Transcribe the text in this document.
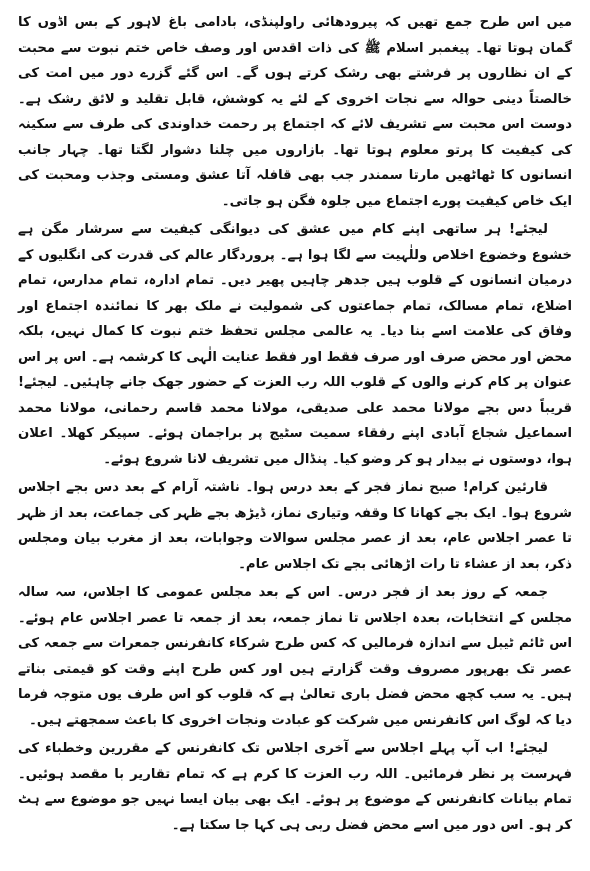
میں اس طرح جمع تھیں کہ پیرودھائی راولپنڈی، بادامی باغ لاہور کے بس اڈوں کا گمان ہوتا تھا۔ پیغمبر اسلام ﷺ کی ذات اقدس اور وصف خاص ختم نبوت سے محبت کے ان نظاروں پر فرشتے بھی رشک کرتے ہوں گے۔ اس گئے گزرے دور میں امت کی خالصتاً دینی حوالہ سے نجات اخروی کے لئے یہ کوشش، قابل تقلید و لائق رشک ہے۔ دوست اس محبت سے تشریف لائے کہ اجتماع پر رحمت خداوندی کی طرف سے سکینہ کی کیفیت کا پرتو معلوم ہوتا تھا۔ بازاروں میں چلنا دشوار لگتا تھا۔ چہار جانب انسانوں کا ٹھاٹھیں مارتا سمندر جب بھی قافلہ آتا عشق ومستی وجذب ومحبت کی ایک خاص کیفیت پورے اجتماع میں جلوہ فگن ہو جاتی۔

لیجئے! ہر ساتھی اپنے کام میں عشق کی دیوانگی کیفیت سے سرشار مگن ہے خشوع وخضوع اخلاص وللٰہیت سے لگا ہوا ہے۔ پروردگار عالم کی قدرت کی انگلیوں کے درمیان انسانوں کے قلوب ہیں جدھر چاہیں پھیر دیں۔ تمام ادارہ، تمام مدارس، تمام اضلاع، تمام مسالک، تمام جماعتوں کی شمولیت نے ملک بھر کا نمائندہ اجتماع اور وفاق کی علامت اسے بنا دیا۔ یہ عالمی مجلس تحفظ ختم نبوت کا کمال نہیں، بلکہ محض اور محض صرف اور صرف فقط اور فقط عنایت الٰہی کا کرشمہ ہے۔ اس پر اس عنوان پر کام کرنے والوں کے قلوب اللہ رب العزت کے حضور جھک جانے چاہئیں۔ لیجئے! قریباً دس بجے مولانا محمد علی صدیقی، مولانا محمد قاسم رحمانی، مولانا محمد اسماعیل شجاع آبادی اپنے رفقاء سمیت سٹیج پر براجمان ہوئے۔ سپیکر کھلا۔ اعلان ہوا، دوستوں نے بیدار ہو کر وضو کیا۔ پنڈال میں تشریف لانا شروع ہوئے۔

قارئین کرام! صبح نماز فجر کے بعد درس ہوا۔ ناشتہ آرام کے بعد دس بجے اجلاس شروع ہوا۔ ایک بجے کھانا کا وقفہ وتیاری نماز، ڈیڑھ بجے ظہر کی جماعت، بعد از ظہر تا عصر اجلاس عام، بعد از عصر مجلس سوالات وجوابات، بعد از مغرب بیان ومجلس ذکر، بعد از عشاء تا رات اڑھائی بجے تک اجلاس عام۔

جمعہ کے روز بعد از فجر درس۔ اس کے بعد مجلس عمومی کا اجلاس، سہ سالہ مجلس کے انتخابات، بعدہ اجلاس تا نماز جمعہ، بعد از جمعہ تا عصر اجلاس عام ہوئے۔ اس ٹائم ٹیبل سے اندازہ فرمالیں کہ کس طرح شرکاء کانفرنس جمعرات سے جمعہ کی عصر تک بھرپور مصروف وقت گزارتے ہیں اور کس طرح اپنے وقت کو قیمتی بناتے ہیں۔ یہ سب کچھ محض فضل باری تعالیٰ ہے کہ قلوب کو اس طرف یوں متوجہ فرما دیا کہ لوگ اس کانفرنس میں شرکت کو عبادت ونجات اخروی کا باعث سمجھتے ہیں۔

لیجئے! اب آپ پہلے اجلاس سے آخری اجلاس تک کانفرنس کے مقررین وخطباء کی فہرست پر نظر فرمائیں۔ اللہ رب العزت کا کرم ہے کہ تمام تقاریر با مقصد ہوئیں۔ تمام بیانات کانفرنس کے موضوع پر ہوئے۔ ایک بھی بیان ایسا نہیں جو موضوع سے ہٹ کر ہو۔ اس دور میں اسے محض فضل ربی ہی کہا جا سکتا ہے۔
